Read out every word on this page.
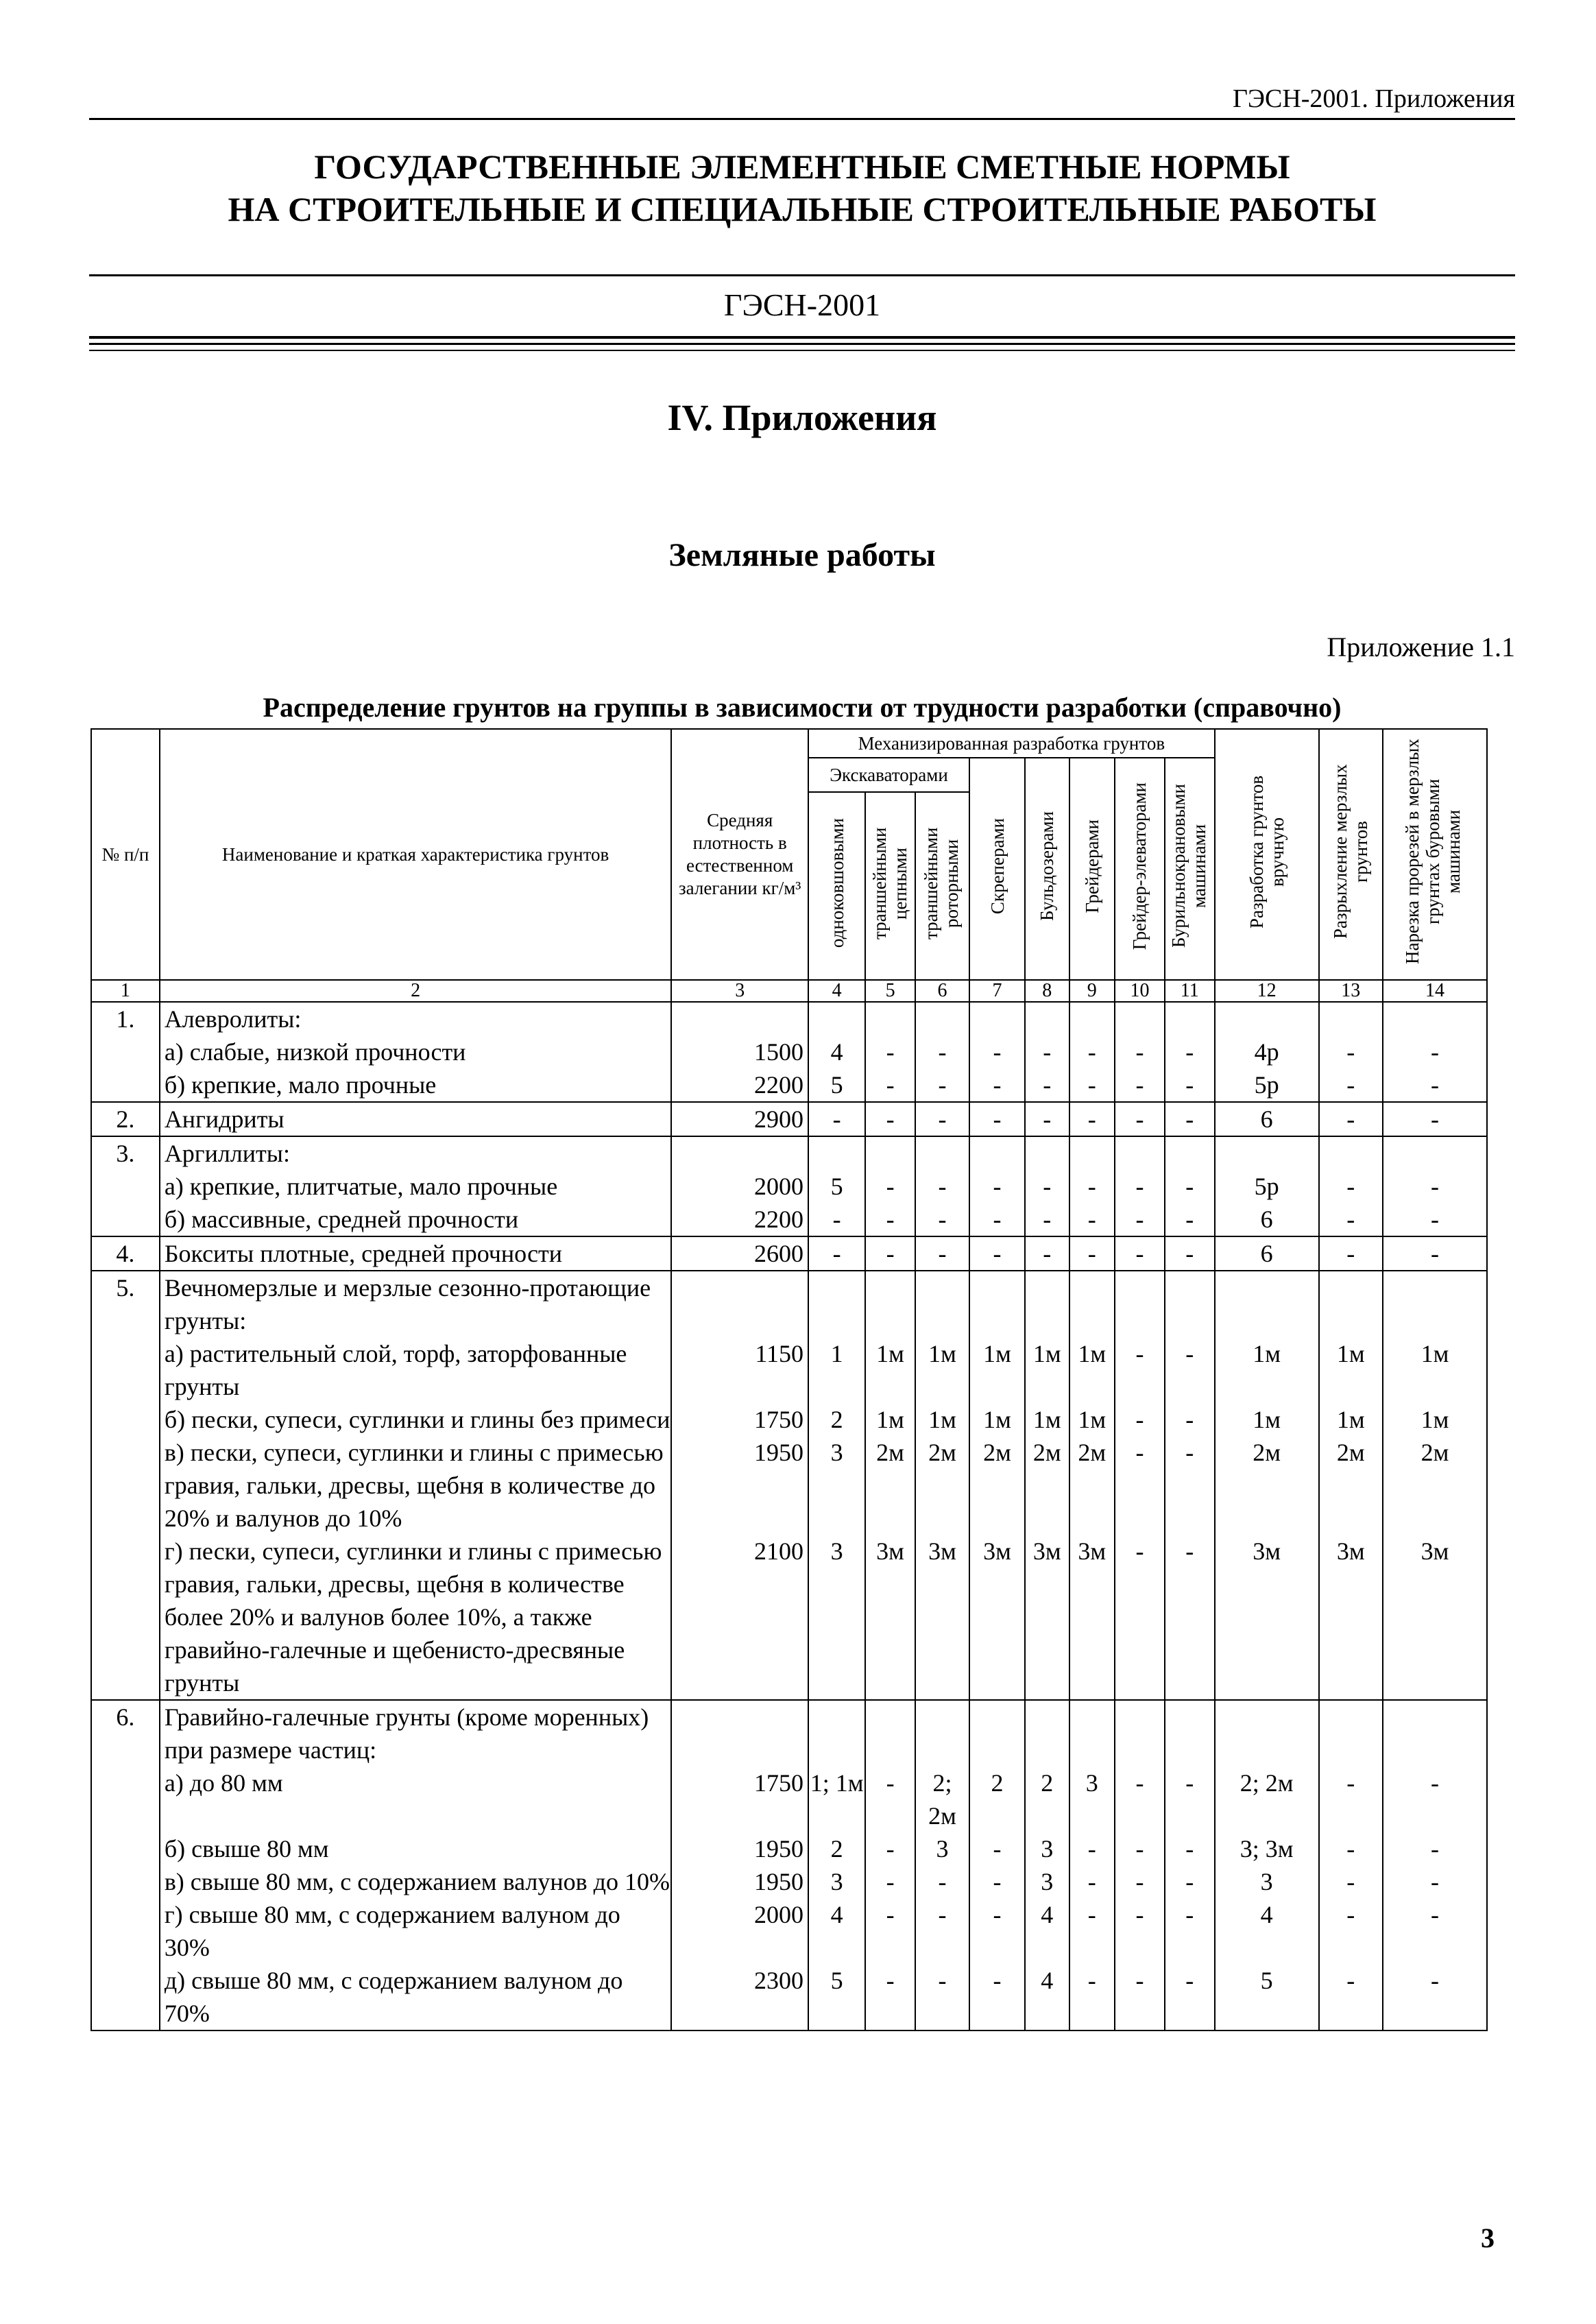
ГЭСН-2001. Приложения
ГОСУДАРСТВЕННЫЕ ЭЛЕМЕНТНЫЕ СМЕТНЫЕ НОРМЫ
НА СТРОИТЕЛЬНЫЕ И СПЕЦИАЛЬНЫЕ СТРОИТЕЛЬНЫЕ РАБОТЫ
ГЭСН-2001
IV. Приложения
Земляные работы
Приложение 1.1
Распределение грунтов на группы в зависимости от трудности разработки (справочно)
№ п/п	Наименование и краткая характеристика грунтов	Средняя плотность в естественном залегании кг/м³	Механизированная разработка грунтов								Разработка грунтов вручную	Разрыхление мерзлых грунтов	Нарезка прорезей в мерзлых грунтах буровыми машинами
			Экскаваторами			Скреперами	Бульдозерами	Грейдерами	Грейдер-элеваторами	Бурильнокрановыми машинами			
			одноковшовыми	траншейными цепными	траншейными роторными								
1	2	3	4	5	6	7	8	9	10	11	12	13	14
1.	Алевролиты:												
	а) слабые, низкой прочности	1500	4	-	-	-	-	-	-	-	4р	-	-
	б) крепкие, мало прочные	2200	5	-	-	-	-	-	-	-	5р	-	-
2.	Ангидриты	2900	-	-	-	-	-	-	-	-	6	-	-
3.	Аргиллиты:												
	а) крепкие, плитчатые, мало прочные	2000	5	-	-	-	-	-	-	-	5р	-	-
	б) массивные, средней прочности	2200	-	-	-	-	-	-	-	-	6	-	-
4.	Бокситы плотные, средней прочности	2600	-	-	-	-	-	-	-	-	6	-	-
5.	Вечномерзлые и мерзлые сезонно-протающие грунты:												
	а) растительный слой, торф, заторфованные грунты	1150	1	1м	1м	1м	1м	1м	-	-	1м	1м	1м
	б) пески, супеси, суглинки и глины без примеси	1750	2	1м	1м	1м	1м	1м	-	-	1м	1м	1м
	в) пески, супеси, суглинки и глины с примесью гравия, гальки, дресвы, щебня в количестве до 20% и валунов до 10%	1950	3	2м	2м	2м	2м	2м	-	-	2м	2м	2м
	г) пески, супеси, суглинки и глины с примесью гравия, гальки, дресвы, щебня в количестве более 20% и валунов более 10%, а также гравийно-галечные и щебенисто-дресвяные грунты	2100	3	3м	3м	3м	3м	3м	-	-	3м	3м	3м
6.	Гравийно-галечные грунты (кроме моренных) при размере частиц:												
	а) до 80 мм	1750	1; 1м	-	2; 2м	2	2	3	-	-	2; 2м	-	-
	б) свыше 80 мм	1950	2	-	3	-	3	-	-	-	3; 3м	-	-
	в) свыше 80 мм, с содержанием валунов до 10%	1950	3	-	-	-	3	-	-	-	3	-	-
	г) свыше 80 мм, с содержанием валуном до 30%	2000	4	-	-	-	4	-	-	-	4	-	-
	д) свыше 80 мм, с содержанием валуном до 70%	2300	5	-	-	-	4	-	-	-	5	-	-
3
